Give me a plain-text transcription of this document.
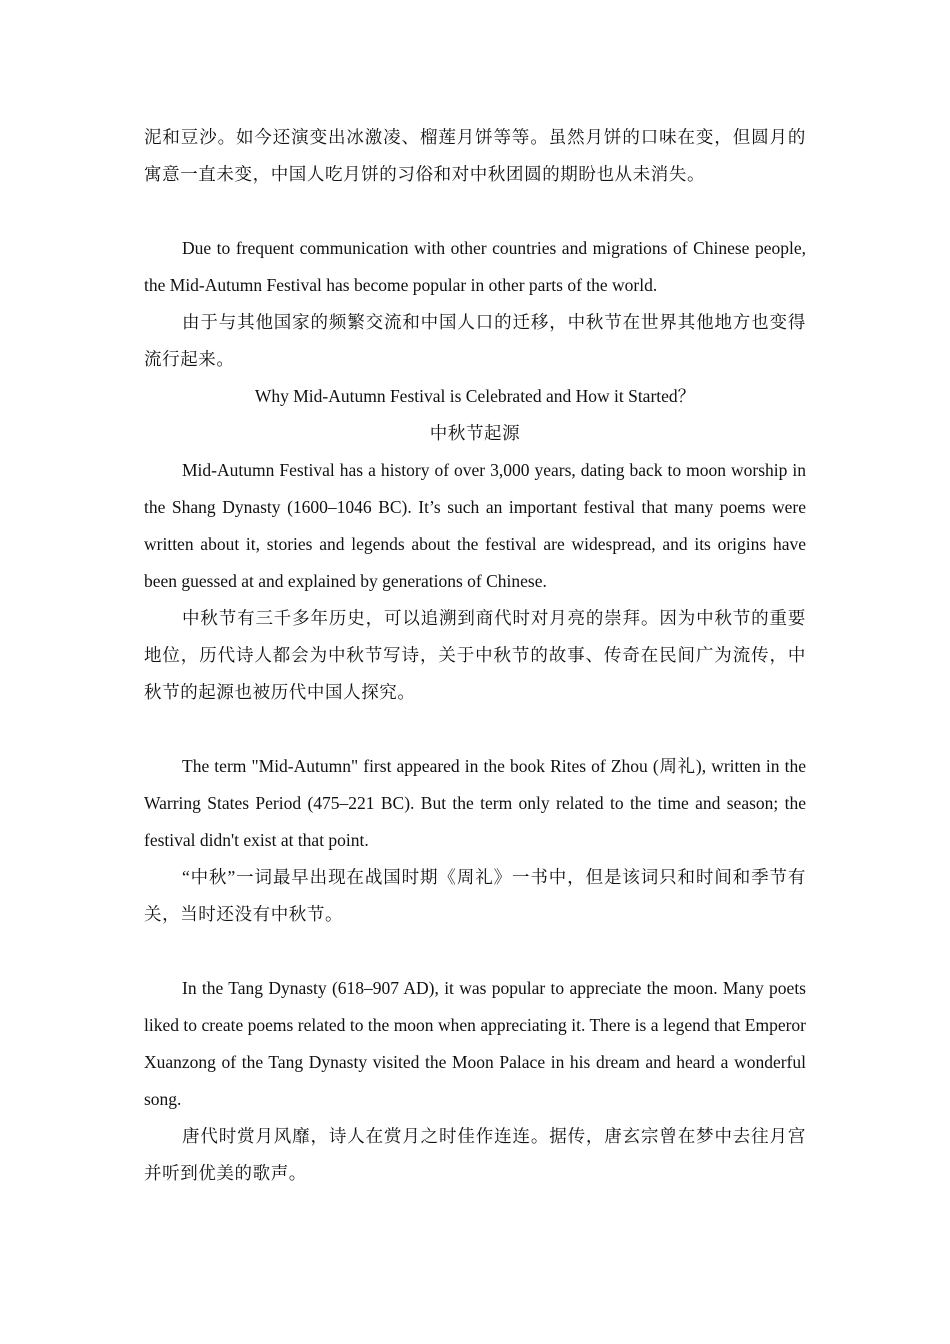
泥和豆沙。如今还演变出冰激凌、榴莲月饼等等。虽然月饼的口味在变，但圆月的寓意一直未变，中国人吃月饼的习俗和对中秋团圆的期盼也从未消失。

Due to frequent communication with other countries and migrations of Chinese people, the Mid-Autumn Festival has become popular in other parts of the world.

由于与其他国家的频繁交流和中国人口的迁移，中秋节在世界其他地方也变得流行起来。

Why Mid-Autumn Festival is Celebrated and How it Started？

中秋节起源

Mid-Autumn Festival has a history of over 3,000 years, dating back to moon worship in the Shang Dynasty (1600–1046 BC). It’s such an important festival that many poems were written about it, stories and legends about the festival are widespread, and its origins have been guessed at and explained by generations of Chinese.

中秋节有三千多年历史，可以追溯到商代时对月亮的崇拜。因为中秋节的重要地位，历代诗人都会为中秋节写诗，关于中秋节的故事、传奇在民间广为流传，中秋节的起源也被历代中国人探究。

The term "Mid-Autumn" first appeared in the book Rites of Zhou (周礼), written in the Warring States Period (475–221 BC). But the term only related to the time and season; the festival didn't exist at that point.

“中秋”一词最早出现在战国时期《周礼》一书中，但是该词只和时间和季节有关，当时还没有中秋节。

In the Tang Dynasty (618–907 AD), it was popular to appreciate the moon. Many poets liked to create poems related to the moon when appreciating it. There is a legend that Emperor Xuanzong of the Tang Dynasty visited the Moon Palace in his dream and heard a wonderful song.

唐代时赏月风靡，诗人在赏月之时佳作连连。据传，唐玄宗曾在梦中去往月宫并听到优美的歌声。
